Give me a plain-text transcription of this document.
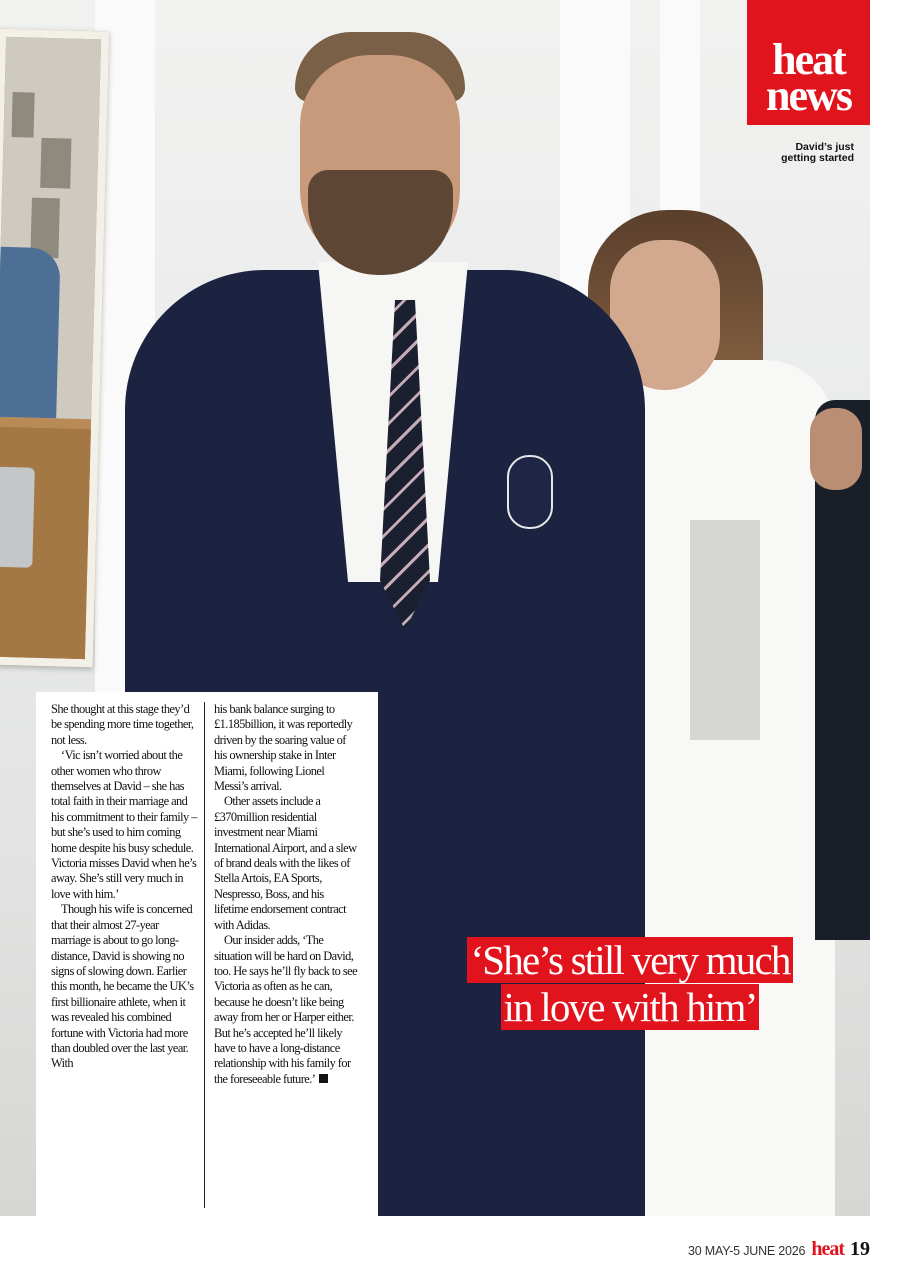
heat
news
David’s just
getting started

She thought at this stage they’d be spending more time together, not less.

‘Vic isn’t worried about the other women who throw themselves at David – she has total faith in their marriage and his commitment to their family – but she’s used to him coming home despite his busy schedule. Victoria misses David when he’s away. She’s still very much in love with him.’

Though his wife is concerned that their almost 27-year marriage is about to go long-distance, David is showing no signs of slowing down. Earlier this month, he became the UK’s first billionaire athlete, when it was revealed his combined fortune with Victoria had more than doubled over the last year. With

his bank balance surging to £1.185billion, it was reportedly driven by the soaring value of his ownership stake in Inter Miami, following Lionel Messi’s arrival.

Other assets include a £370million residential investment near Miami International Airport, and a slew of brand deals with the likes of Stella Artois, EA Sports, Nespresso, Boss, and his lifetime endorsement contract with Adidas.

Our insider adds, ‘The situation will be hard on David, too. He says he’ll fly back to see Victoria as often as he can, because he doesn’t like being away from her or Harper either. But he’s accepted he’ll likely have to have a long-distance relationship with his family for the foreseeable future.’

‘She’s still very much in love with him’
30 MAY-5 JUNE 2026 heat 19
